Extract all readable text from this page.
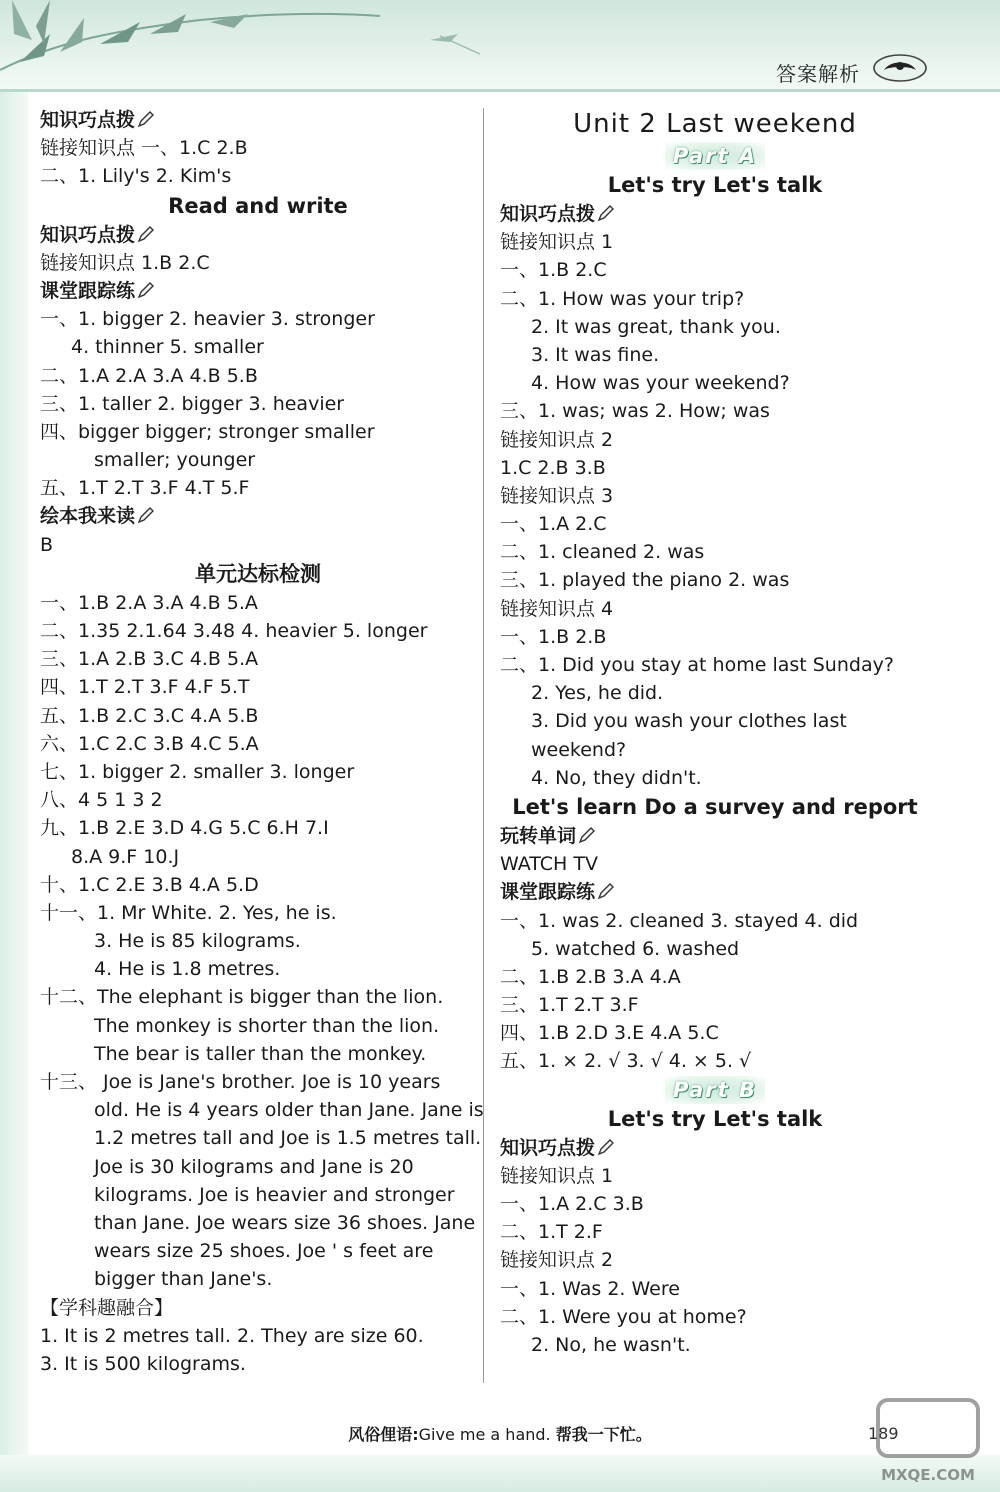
答案解析
知识巧点拨
链接知识点 一、1.C 2.B
二、1. Lily's 2. Kim's
Read and write
知识巧点拨
链接知识点 1.B 2.C
课堂跟踪练
一、1. bigger 2. heavier 3. stronger
4. thinner 5. smaller
二、1.A 2.A 3.A 4.B 5.B
三、1. taller 2. bigger 3. heavier
四、bigger bigger; stronger smaller
smaller; younger
五、1.T 2.T 3.F 4.T 5.F
绘本我来读
B
单元达标检测
一、1.B 2.A 3.A 4.B 5.A
二、1.35 2.1.64 3.48 4. heavier 5. longer
三、1.A 2.B 3.C 4.B 5.A
四、1.T 2.T 3.F 4.F 5.T
五、1.B 2.C 3.C 4.A 5.B
六、1.C 2.C 3.B 4.C 5.A
七、1. bigger 2. smaller 3. longer
八、4 5 1 3 2
九、1.B 2.E 3.D 4.G 5.C 6.H 7.I
8.A 9.F 10.J
十、1.C 2.E 3.B 4.A 5.D
十一、1. Mr White. 2. Yes, he is.
3. He is 85 kilograms.
4. He is 1.8 metres.
十二、The elephant is bigger than the lion.
The monkey is shorter than the lion.
The bear is taller than the monkey.
十三、 Joe is Jane's brother. Joe is 10 years
old. He is 4 years older than Jane. Jane is
1.2 metres tall and Joe is 1.5 metres tall.
Joe is 30 kilograms and Jane is 20
kilograms. Joe is heavier and stronger
than Jane. Joe wears size 36 shoes. Jane
wears size 25 shoes. Joe ' s feet are
bigger than Jane's.
【学科趣融合】
1. It is 2 metres tall. 2. They are size 60.
3. It is 500 kilograms.
Unit 2 Last weekend
Part A
Let's try Let's talk
知识巧点拨
链接知识点 1
一、1.B 2.C
二、1. How was your trip?
2. It was great, thank you.
3. It was fine.
4. How was your weekend?
三、1. was; was 2. How; was
链接知识点 2
1.C 2.B 3.B
链接知识点 3
一、1.A 2.C
二、1. cleaned 2. was
三、1. played the piano 2. was
链接知识点 4
一、1.B 2.B
二、1. Did you stay at home last Sunday?
2. Yes, he did.
3. Did you wash your clothes last
weekend?
4. No, they didn't.
Let's learn Do a survey and report
玩转单词
WATCH TV
课堂跟踪练
一、1. was 2. cleaned 3. stayed 4. did
5. watched 6. washed
二、1.B 2.B 3.A 4.A
三、1.T 2.T 3.F
四、1.B 2.D 3.E 4.A 5.C
五、1. × 2. √ 3. √ 4. × 5. √
Part B
Let's try Let's talk
知识巧点拨
链接知识点 1
一、1.A 2.C 3.B
二、1.T 2.F
链接知识点 2
一、1. Was 2. Were
二、1. Were you at home?
2. No, he wasn't.
风俗俚语:Give me a hand. 帮我一下忙。	189
MXQE.COM
